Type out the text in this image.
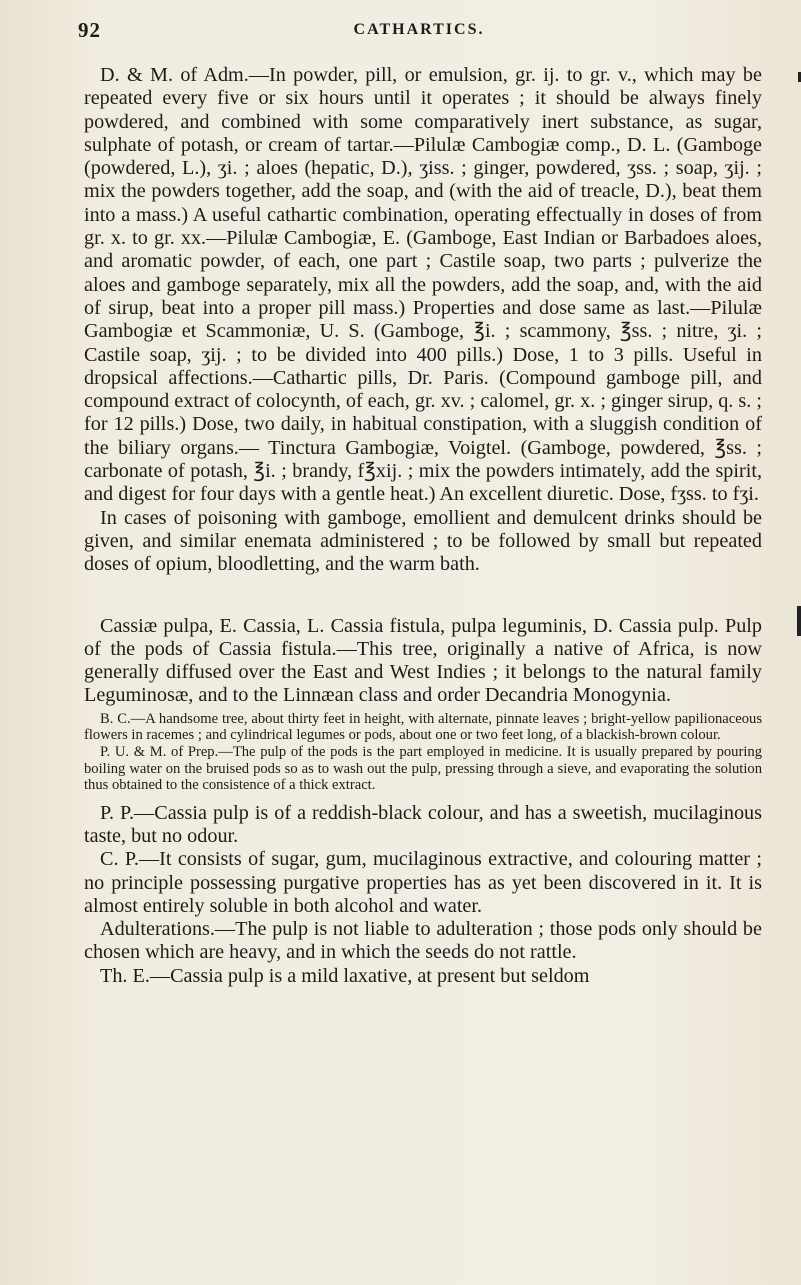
92	CATHARTICS.

D. & M. of Adm.—In powder, pill, or emulsion, gr. ij. to gr. v., which may be repeated every five or six hours until it operates ; it should be always finely powdered, and combined with some comparatively inert substance, as sugar, sulphate of potash, or cream of tartar.—Pilulæ Cambogiæ comp., D. L. (Gamboge (powdered, L.), ʒi. ; aloes (hepatic, D.), ʒiss. ; ginger, powdered, ʒss. ; soap, ʒij. ; mix the powders together, add the soap, and (with the aid of treacle, D.), beat them into a mass.) A useful cathartic combination, operating effectually in doses of from gr. x. to gr. xx.—Pilulæ Cambogiæ, E. (Gamboge, East Indian or Barbadoes aloes, and aromatic powder, of each, one part ; Castile soap, two parts ; pulverize the aloes and gamboge separately, mix all the powders, add the soap, and, with the aid of sirup, beat into a proper pill mass.) Properties and dose same as last.—Pilulæ Gambogiæ et Scammoniæ, U. S. (Gamboge, ℥i. ; scammony, ℥ss. ; nitre, ʒi. ; Castile soap, ʒij. ; to be divided into 400 pills.) Dose, 1 to 3 pills. Useful in dropsical affections.—Cathartic pills, Dr. Paris. (Compound gamboge pill, and compound extract of colocynth, of each, gr. xv. ; calomel, gr. x. ; ginger sirup, q. s. ; for 12 pills.) Dose, two daily, in habitual constipation, with a sluggish condition of the biliary organs.— Tinctura Gambogiæ, Voigtel. (Gamboge, powdered, ℥ss. ; carbonate of potash, ℥i. ; brandy, f℥xij. ; mix the powders intimately, add the spirit, and digest for four days with a gentle heat.) An excellent diuretic. Dose, fʒss. to fʒi.

In cases of poisoning with gamboge, emollient and demulcent drinks should be given, and similar enemata administered ; to be followed by small but repeated doses of opium, bloodletting, and the warm bath.

Cassiæ pulpa, E. Cassia, L. Cassia fistula, pulpa leguminis, D. Cassia pulp. Pulp of the pods of Cassia fistula.—This tree, originally a native of Africa, is now generally diffused over the East and West Indies ; it belongs to the natural family Leguminosæ, and to the Linnæan class and order Decandria Monogynia.

B. C.—A handsome tree, about thirty feet in height, with alternate, pinnate leaves ; bright-yellow papilionaceous flowers in racemes ; and cylindrical legumes or pods, about one or two feet long, of a blackish-brown colour.

P. U. & M. of Prep.—The pulp of the pods is the part employed in medicine. It is usually prepared by pouring boiling water on the bruised pods so as to wash out the pulp, pressing through a sieve, and evaporating the solution thus obtained to the consistence of a thick extract.

P. P.—Cassia pulp is of a reddish-black colour, and has a sweetish, mucilaginous taste, but no odour.

C. P.—It consists of sugar, gum, mucilaginous extractive, and colouring matter ; no principle possessing purgative properties has as yet been discovered in it. It is almost entirely soluble in both alcohol and water.

Adulterations.—The pulp is not liable to adulteration ; those pods only should be chosen which are heavy, and in which the seeds do not rattle.

Th. E.—Cassia pulp is a mild laxative, at present but seldom
